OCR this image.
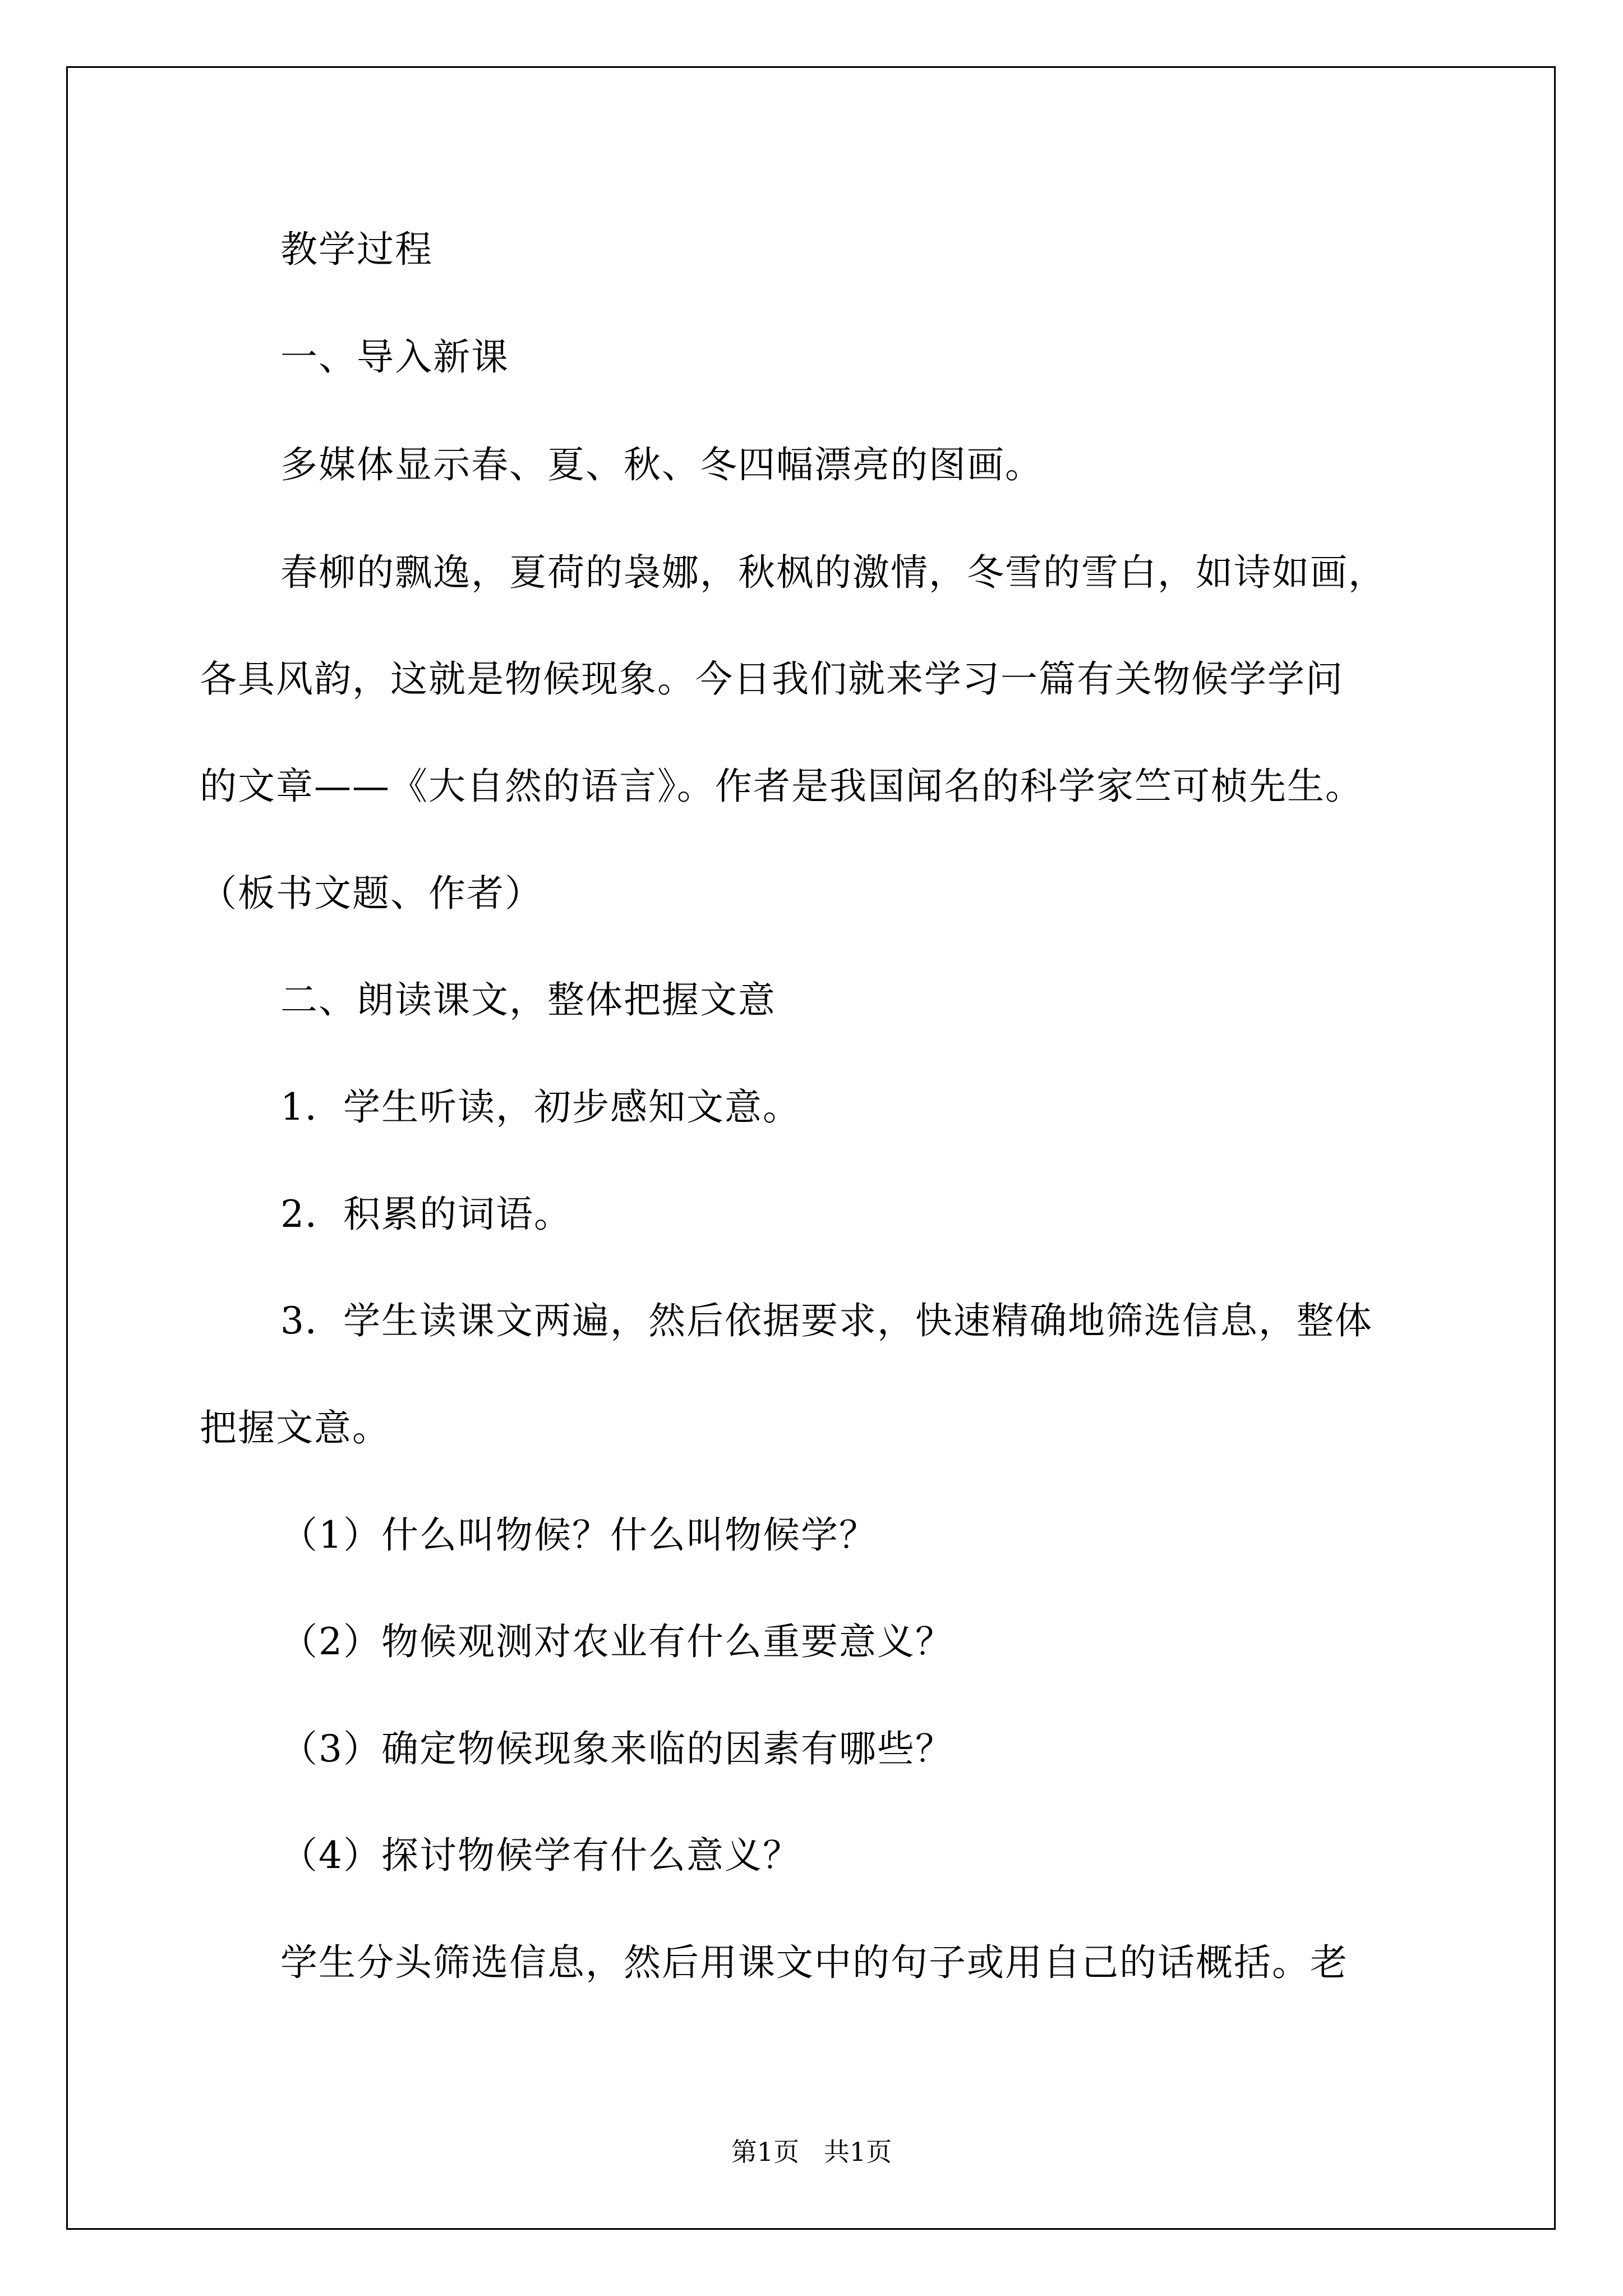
教学过程
一、导入新课
多媒体显示春、夏、秋、冬四幅漂亮的图画。
春柳的飘逸，夏荷的袅娜，秋枫的激情，冬雪的雪白，如诗如画，
各具风韵，这就是物候现象。今日我们就来学习一篇有关物候学学问
的文章——《大自然的语言》。作者是我国闻名的科学家竺可桢先生。
（板书文题、作者）
二、朗读课文，整体把握文意
1．学生听读，初步感知文意。
2．积累的词语。
3．学生读课文两遍，然后依据要求，快速精确地筛选信息，整体
把握文意。
（1）什么叫物候？什么叫物候学？
（2）物候观测对农业有什么重要意义？
（3）确定物候现象来临的因素有哪些？
（4）探讨物候学有什么意义？
学生分头筛选信息，然后用课文中的句子或用自己的话概括。老
第1页   共1页
